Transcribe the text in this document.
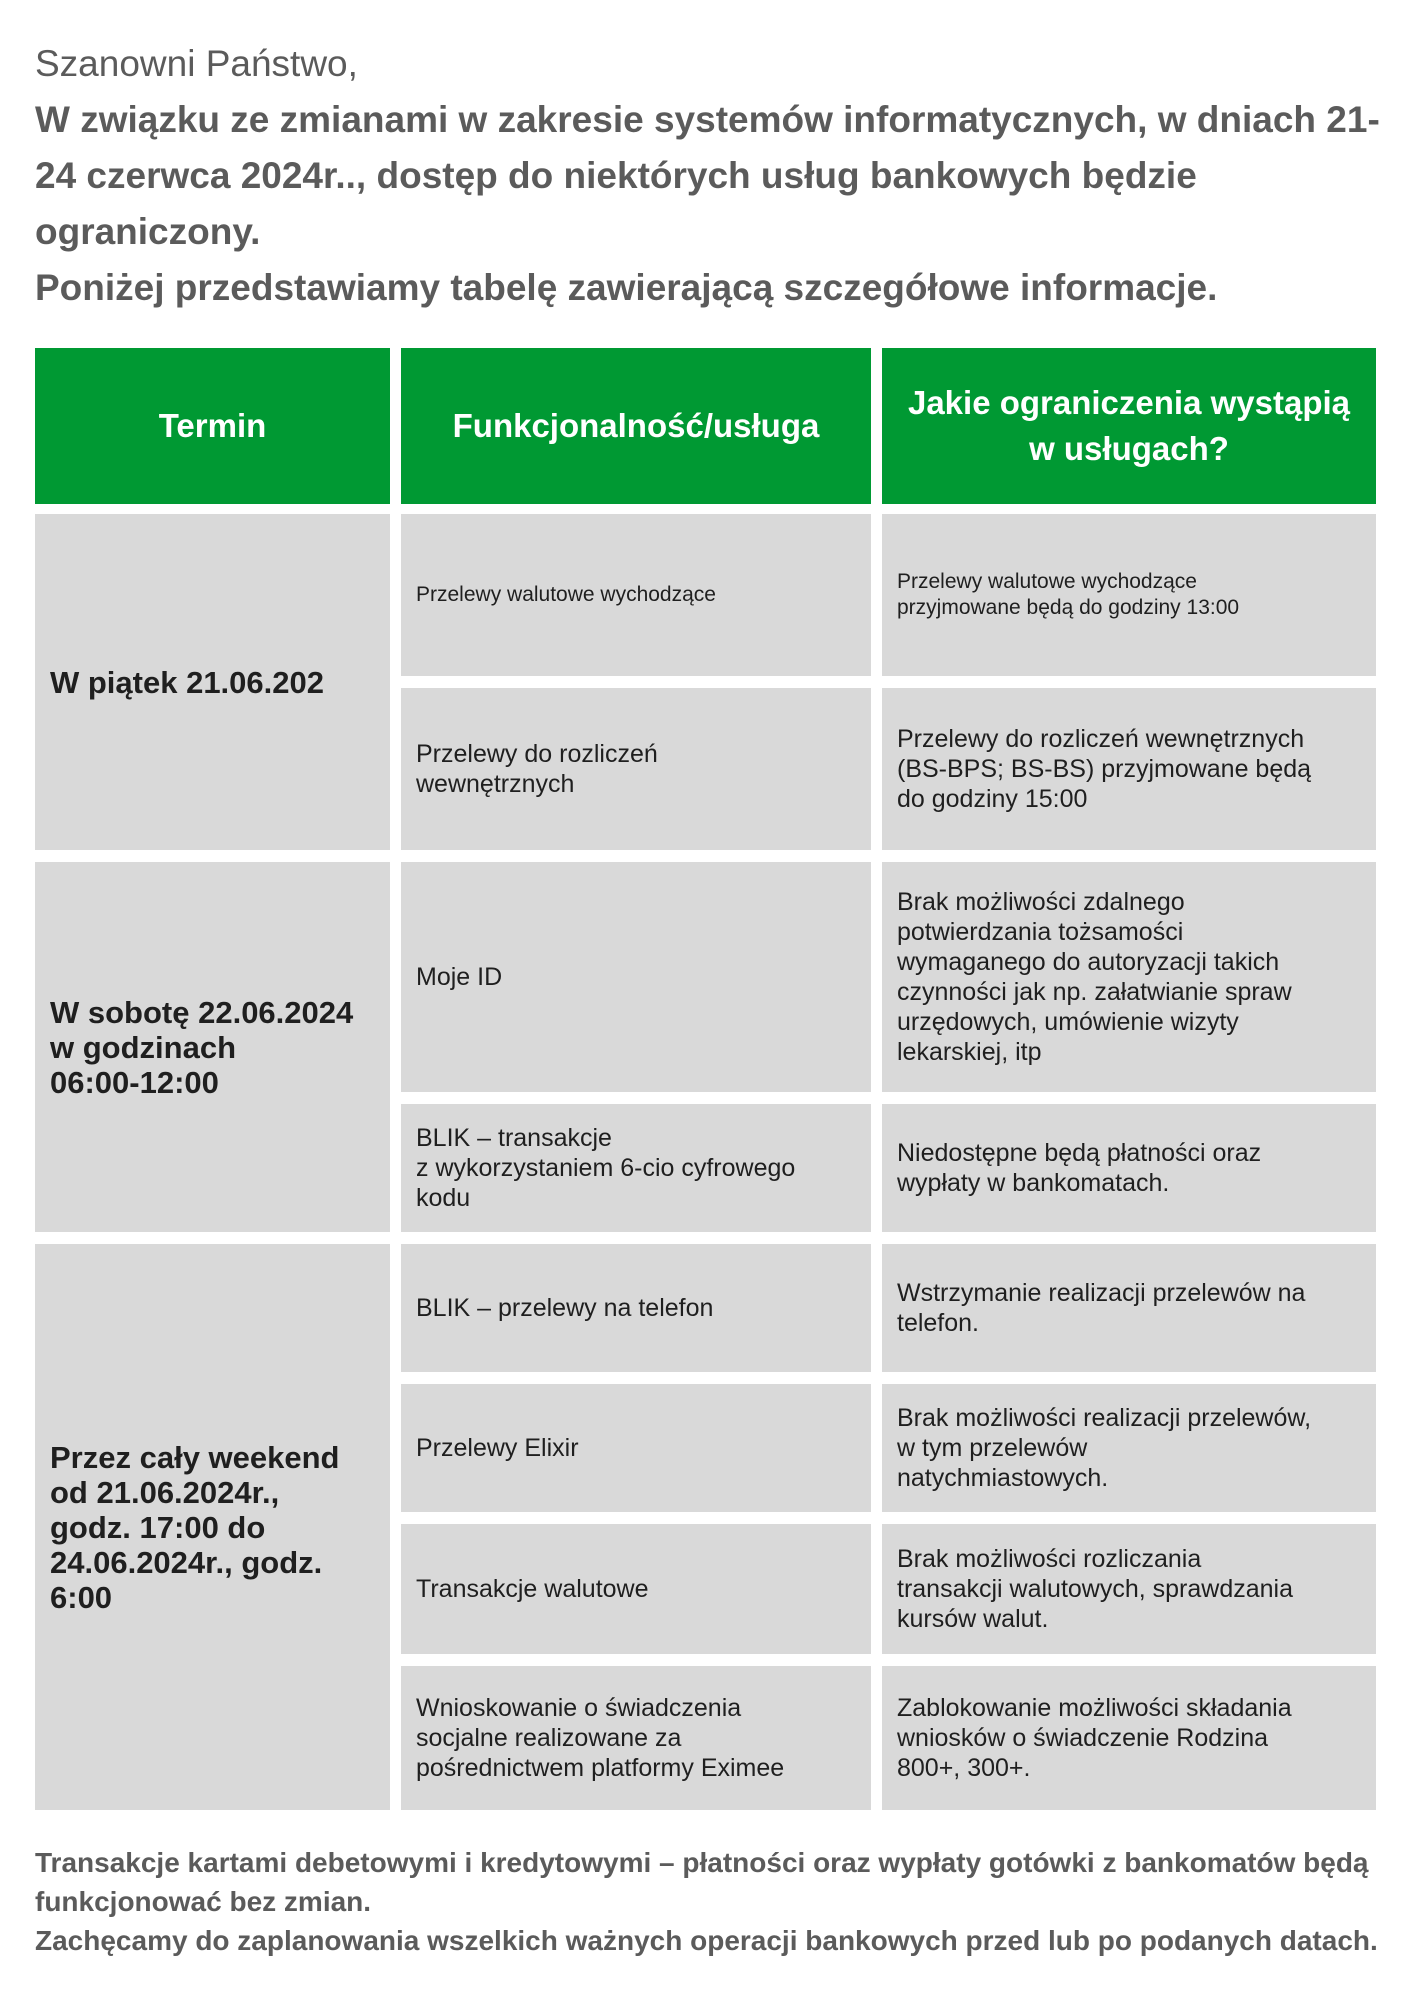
Szanowni Państwo,

W związku ze zmianami w zakresie systemów informatycznych, w dniach 21-24 czerwca 2024r.., dostęp do niektórych usług bankowych będzie ograniczony.

Poniżej przedstawiamy tabelę zawierającą szczegółowe informacje.

Termin	Funkcjonalność/usługa
Jakie ograniczenia wystąpią w usługach?
W piątek 21.06.202
Przelewy walutowe wychodzące
Przelewy walutowe wychodzące
przyjmowane będą do godziny 13:00
Przelewy do rozliczeń
wewnętrznych
Przelewy do rozliczeń wewnętrznych
(BS-BPS; BS-BS) przyjmowane będą
do godziny 15:00
W sobotę 22.06.2024
w godzinach
06:00-12:00
Moje ID
Brak możliwości zdalnego
potwierdzania tożsamości
wymaganego do autoryzacji takich
czynności jak np. załatwianie spraw
urzędowych, umówienie wizyty
lekarskiej, itp
BLIK – transakcje
z wykorzystaniem 6-cio cyfrowego
kodu
Niedostępne będą płatności oraz
wypłaty w bankomatach.
Przez cały weekend
od 21.06.2024r.,
godz. 17:00 do
24.06.2024r., godz.
6:00
BLIK – przelewy na telefon
Wstrzymanie realizacji przelewów na
telefon.
Przelewy Elixir
Brak możliwości realizacji przelewów,
w tym przelewów
natychmiastowych.
Transakcje walutowe
Brak możliwości rozliczania
transakcji walutowych, sprawdzania
kursów walut.
Wnioskowanie o świadczenia
socjalne realizowane za
pośrednictwem platformy Eximee
Zablokowanie możliwości składania
wniosków o świadczenie Rodzina
800+, 300+.

Transakcje kartami debetowymi i kredytowymi – płatności oraz wypłaty gotówki z bankomatów będą funkcjonować bez zmian.

Zachęcamy do zaplanowania wszelkich ważnych operacji bankowych przed lub po podanych datach.
